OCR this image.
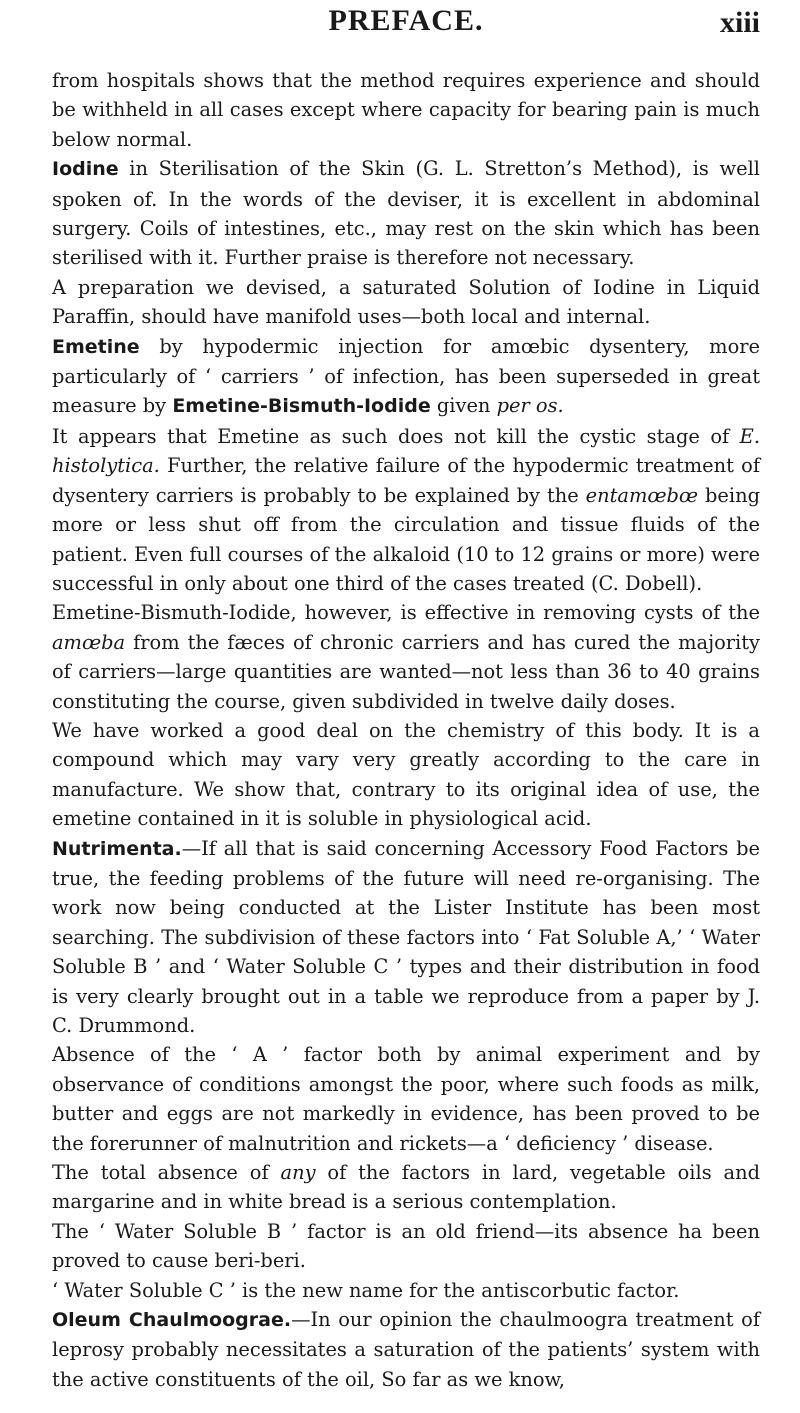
PREFACE.	xiii

from hospitals shows that the method requires experience and should be withheld in all cases except where capacity for bearing pain is much below normal.

Iodine in Sterilisation of the Skin (G. L. Stretton’s Method), is well spoken of. In the words of the deviser, it is excellent in abdominal surgery. Coils of intestines, etc., may rest on the skin which has been sterilised with it. Further praise is therefore not necessary.

A preparation we devised, a saturated Solution of Iodine in Liquid Paraffin, should have manifold uses—both local and internal.

Emetine by hypodermic injection for amœbic dysentery, more particularly of ‘ carriers ’ of infection, has been superseded in great measure by Emetine-Bismuth-Iodide given per os.

It appears that Emetine as such does not kill the cystic stage of E. histolytica. Further, the relative failure of the hypodermic treatment of dysentery carriers is probably to be explained by the entamœbœ being more or less shut off from the circulation and tissue fluids of the patient. Even full courses of the alkaloid (10 to 12 grains or more) were successful in only about one third of the cases treated (C. Dobell).

Emetine-Bismuth-Iodide, however, is effective in removing cysts of the amœba from the fæces of chronic carriers and has cured the majority of carriers—large quantities are wanted—not less than 36 to 40 grains constituting the course, given subdivided in twelve daily doses.

We have worked a good deal on the chemistry of this body. It is a compound which may vary very greatly according to the care in manufacture. We show that, contrary to its original idea of use, the emetine contained in it is soluble in physiological acid.

Nutrimenta.—If all that is said concerning Accessory Food Factors be true, the feeding problems of the future will need re-organising. The work now being conducted at the Lister Institute has been most searching. The subdivision of these factors into ‘ Fat Soluble A,’ ‘ Water Soluble B ’ and ‘ Water Soluble C ’ types and their distribution in food is very clearly brought out in a table we reproduce from a paper by J. C. Drummond.

Absence of the ‘ A ’ factor both by animal experiment and by observance of conditions amongst the poor, where such foods as milk, butter and eggs are not markedly in evidence, has been proved to be the forerunner of malnutrition and rickets—a ‘ deficiency ’ disease.

The total absence of any of the factors in lard, vegetable oils and margarine and in white bread is a serious contemplation.

The ‘ Water Soluble B ’ factor is an old friend—its absence ha been proved to cause beri-beri.

‘ Water Soluble C ’ is the new name for the antiscorbutic factor.

Oleum Chaulmoograe.—In our opinion the chaulmoogra treatment of leprosy probably necessitates a saturation of the patients’ system with the active constituents of the oil, So far as we know,
